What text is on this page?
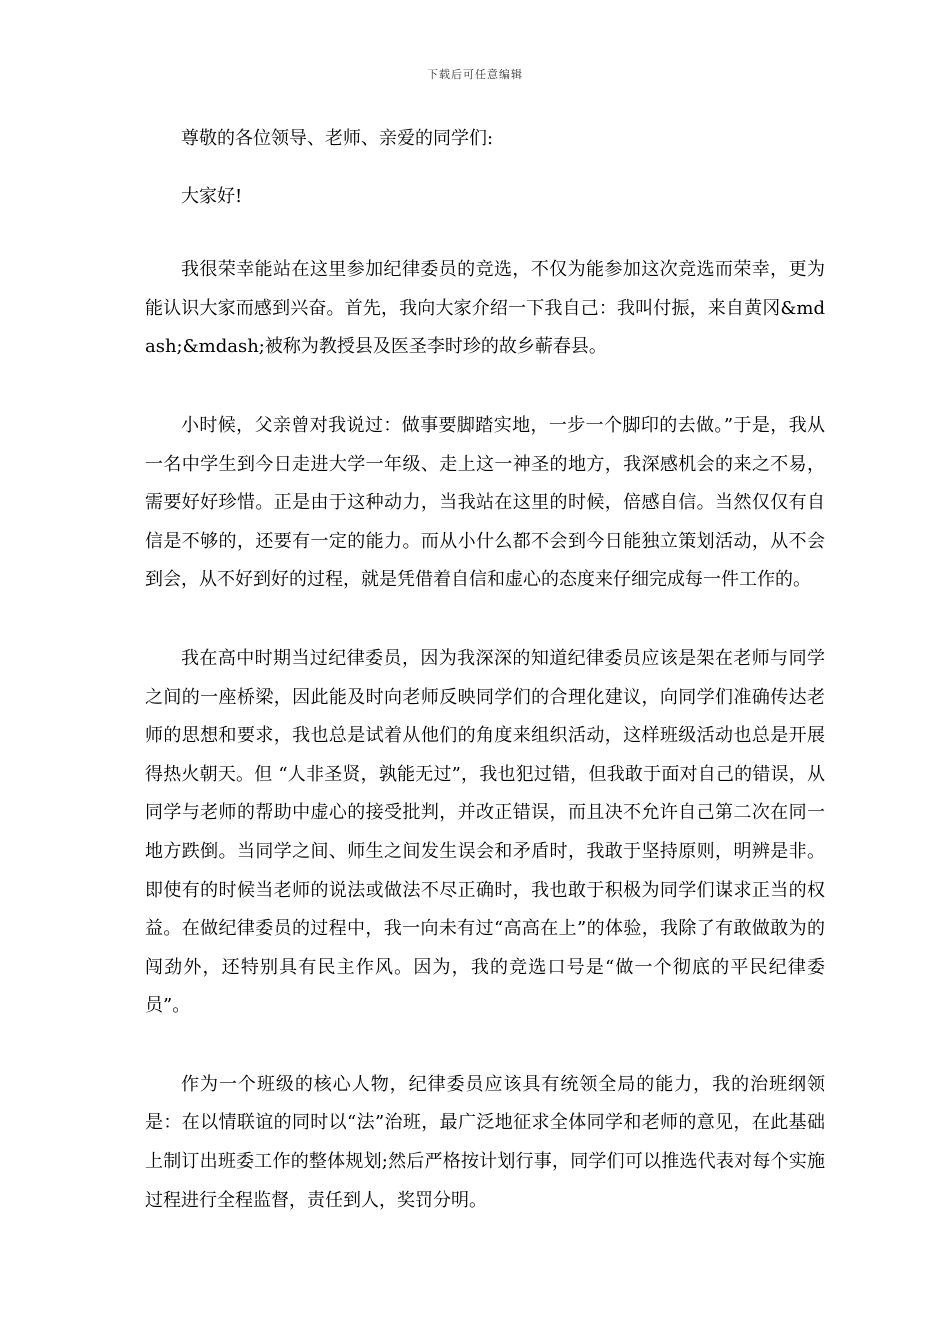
下载后可任意编辑

尊敬的各位领导、老师、亲爱的同学们:

大家好!

我很荣幸能站在这里参加纪律委员的竞选，不仅为能参加这次竞选而荣幸，更为能认识大家而感到兴奋。首先，我向大家介绍一下我自己：我叫付振，来自黄冈&mdash;&mdash;被称为教授县及医圣李时珍的故乡蕲春县。

小时候，父亲曾对我说过：做事要脚踏实地，一步一个脚印的去做。”于是，我从一名中学生到今日走进大学一年级、走上这一神圣的地方，我深感机会的来之不易，需要好好珍惜。正是由于这种动力，当我站在这里的时候，倍感自信。当然仅仅有自信是不够的，还要有一定的能力。而从小什么都不会到今日能独立策划活动，从不会到会，从不好到好的过程，就是凭借着自信和虚心的态度来仔细完成每一件工作的。

我在高中时期当过纪律委员，因为我深深的知道纪律委员应该是架在老师与同学之间的一座桥梁，因此能及时向老师反映同学们的合理化建议，向同学们准确传达老师的思想和要求，我也总是试着从他们的角度来组织活动，这样班级活动也总是开展得热火朝天。但 “人非圣贤，孰能无过”，我也犯过错，但我敢于面对自己的错误，从同学与老师的帮助中虚心的接受批判，并改正错误，而且决不允许自己第二次在同一地方跌倒。当同学之间、师生之间发生误会和矛盾时，我敢于坚持原则，明辨是非。即使有的时候当老师的说法或做法不尽正确时，我也敢于积极为同学们谋求正当的权益。在做纪律委员的过程中，我一向未有过“高高在上”的体验，我除了有敢做敢为的闯劲外，还特别具有民主作风。因为，我的竞选口号是“做一个彻底的平民纪律委员”。

作为一个班级的核心人物，纪律委员应该具有统领全局的能力，我的治班纲领是：在以情联谊的同时以“法”治班，最广泛地征求全体同学和老师的意见，在此基础上制订出班委工作的整体规划;然后严格按计划行事，同学们可以推选代表对每个实施过程进行全程监督，责任到人，奖罚分明。
